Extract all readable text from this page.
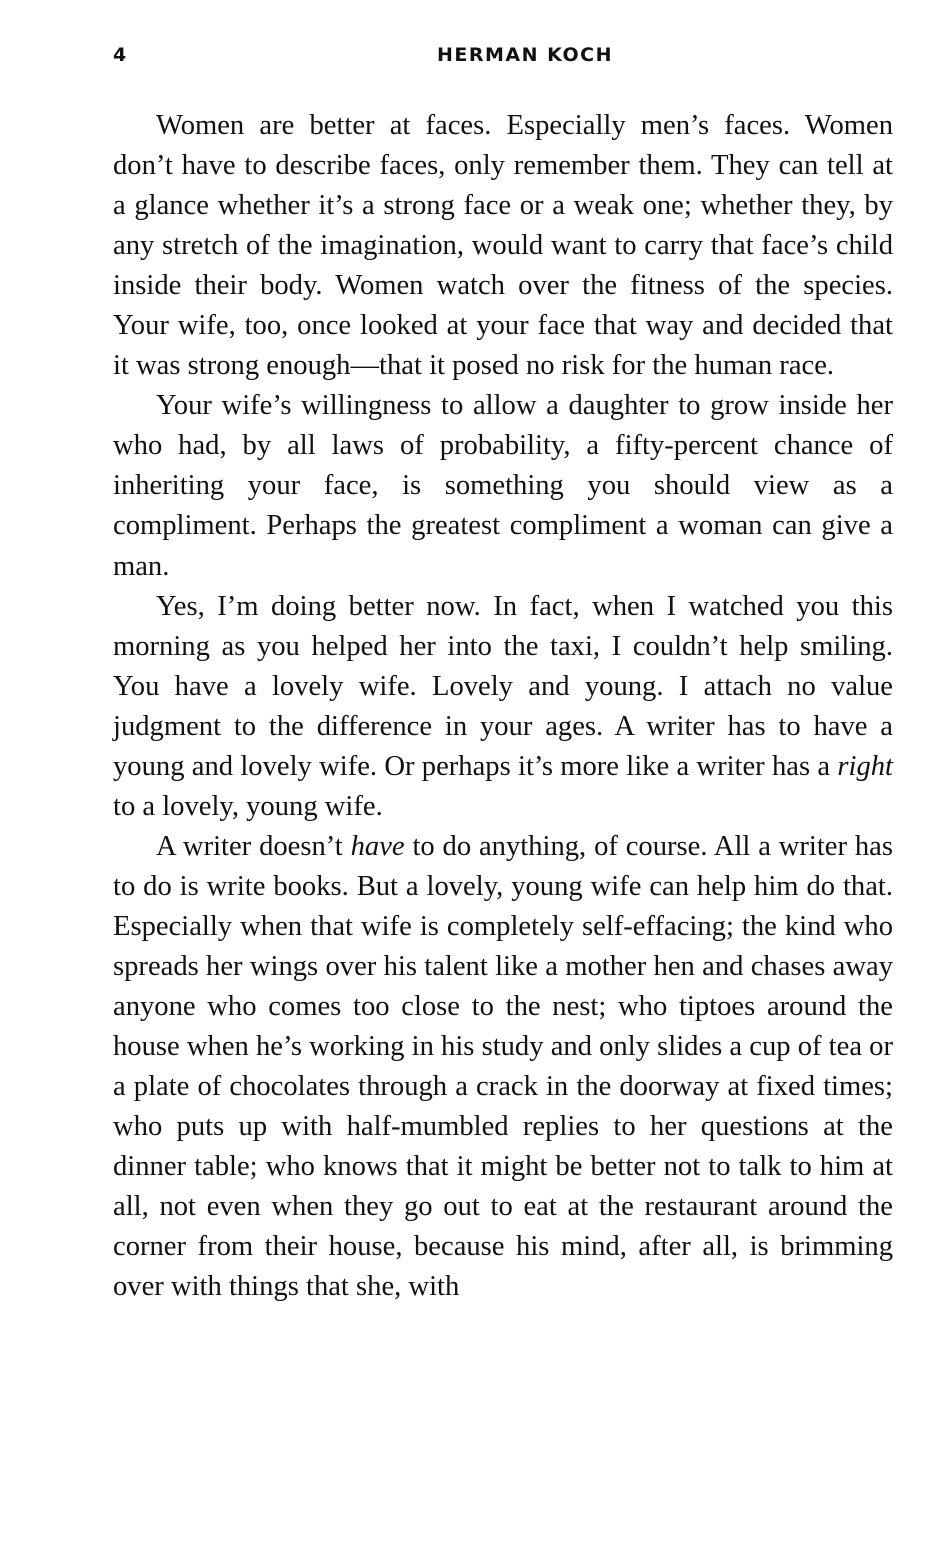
4	HERMAN KOCH

Women are better at faces. Especially men’s faces. Women don’t have to describe faces, only remember them. They can tell at a glance whether it’s a strong face or a weak one; whether they, by any stretch of the imagination, would want to carry that face’s child inside their body. Women watch over the fitness of the species. Your wife, too, once looked at your face that way and decided that it was strong enough—that it posed no risk for the human race.

Your wife’s willingness to allow a daughter to grow inside her who had, by all laws of probability, a fifty-percent chance of inheriting your face, is something you should view as a compliment. Perhaps the greatest compliment a woman can give a man.

Yes, I’m doing better now. In fact, when I watched you this morning as you helped her into the taxi, I couldn’t help smiling. You have a lovely wife. Lovely and young. I attach no value judgment to the difference in your ages. A writer has to have a young and lovely wife. Or perhaps it’s more like a writer has a right to a lovely, young wife.

A writer doesn’t have to do anything, of course. All a writer has to do is write books. But a lovely, young wife can help him do that. Especially when that wife is completely self-effacing; the kind who spreads her wings over his talent like a mother hen and chases away anyone who comes too close to the nest; who tiptoes around the house when he’s working in his study and only slides a cup of tea or a plate of chocolates through a crack in the doorway at fixed times; who puts up with half-mumbled replies to her questions at the dinner table; who knows that it might be better not to talk to him at all, not even when they go out to eat at the restaurant around the corner from their house, because his mind, after all, is brimming over with things that she, with
